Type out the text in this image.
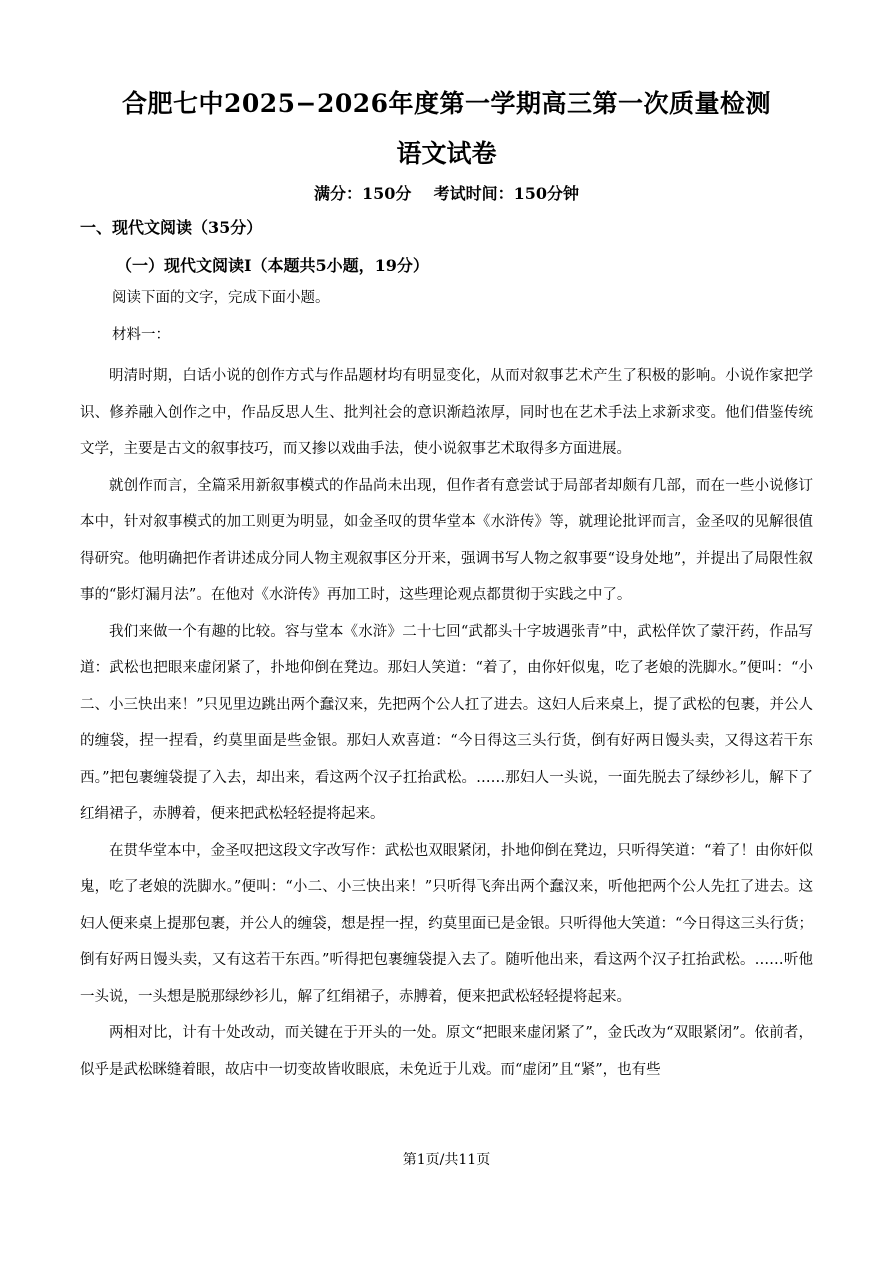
合肥七中2025−2026年度第一学期高三第一次质量检测
语文试卷
满分：150分 考试时间：150分钟
一、现代文阅读（35分）
（一）现代文阅读Ⅰ（本题共5小题，19分）
阅读下面的文字，完成下面小题。
材料一：

明清时期，白话小说的创作方式与作品题材均有明显变化，从而对叙事艺术产生了积极的影响。小说作家把学识、修养融入创作之中，作品反思人生、批判社会的意识渐趋浓厚，同时也在艺术手法上求新求变。他们借鉴传统文学，主要是古文的叙事技巧，而又掺以戏曲手法，使小说叙事艺术取得多方面进展。

就创作而言，全篇采用新叙事模式的作品尚未出现，但作者有意尝试于局部者却颇有几部，而在一些小说修订本中，针对叙事模式的加工则更为明显，如金圣叹的贯华堂本《水浒传》等，就理论批评而言，金圣叹的见解很值得研究。他明确把作者讲述成分同人物主观叙事区分开来，强调书写人物之叙事要“设身处地”，并提出了局限性叙事的“影灯漏月法”。在他对《水浒传》再加工时，这些理论观点都贯彻于实践之中了。

我们来做一个有趣的比较。容与堂本《水浒》二十七回“武都头十字坡遇张青”中，武松佯饮了蒙汗药，作品写道：武松也把眼来虚闭紧了，扑地仰倒在凳边。那妇人笑道：“着了，由你奸似鬼，吃了老娘的洗脚水。”便叫：“小二、小三快出来！”只见里边跳出两个蠢汉来，先把两个公人扛了进去。这妇人后来桌上，提了武松的包裹，并公人的缠袋，捏一捏看，约莫里面是些金银。那妇人欢喜道：“今日得这三头行货，倒有好两日馒头卖，又得这若干东西。”把包裹缠袋提了入去，却出来，看这两个汉子扛抬武松。……那妇人一头说，一面先脱去了绿纱衫儿，解下了红绢裙子，赤膊着，便来把武松轻轻提将起来。

在贯华堂本中，金圣叹把这段文字改写作：武松也双眼紧闭，扑地仰倒在凳边，只听得笑道：“着了！由你奸似鬼，吃了老娘的洗脚水。”便叫：“小二、小三快出来！”只听得飞奔出两个蠢汉来，听他把两个公人先扛了进去。这妇人便来桌上提那包裹，并公人的缠袋，想是捏一捏，约莫里面已是金银。只听得他大笑道：“今日得这三头行货；倒有好两日馒头卖，又有这若干东西。”听得把包裹缠袋提入去了。随听他出来，看这两个汉子扛抬武松。……听他一头说，一头想是脱那绿纱衫儿，解了红绢裙子，赤膊着，便来把武松轻轻提将起来。

两相对比，计有十处改动，而关键在于开头的一处。原文“把眼来虚闭紧了”，金氏改为“双眼紧闭”。依前者，似乎是武松眯缝着眼，故店中一切变故皆收眼底，未免近于儿戏。而“虚闭”且“紧”，也有些

第1页/共11页
